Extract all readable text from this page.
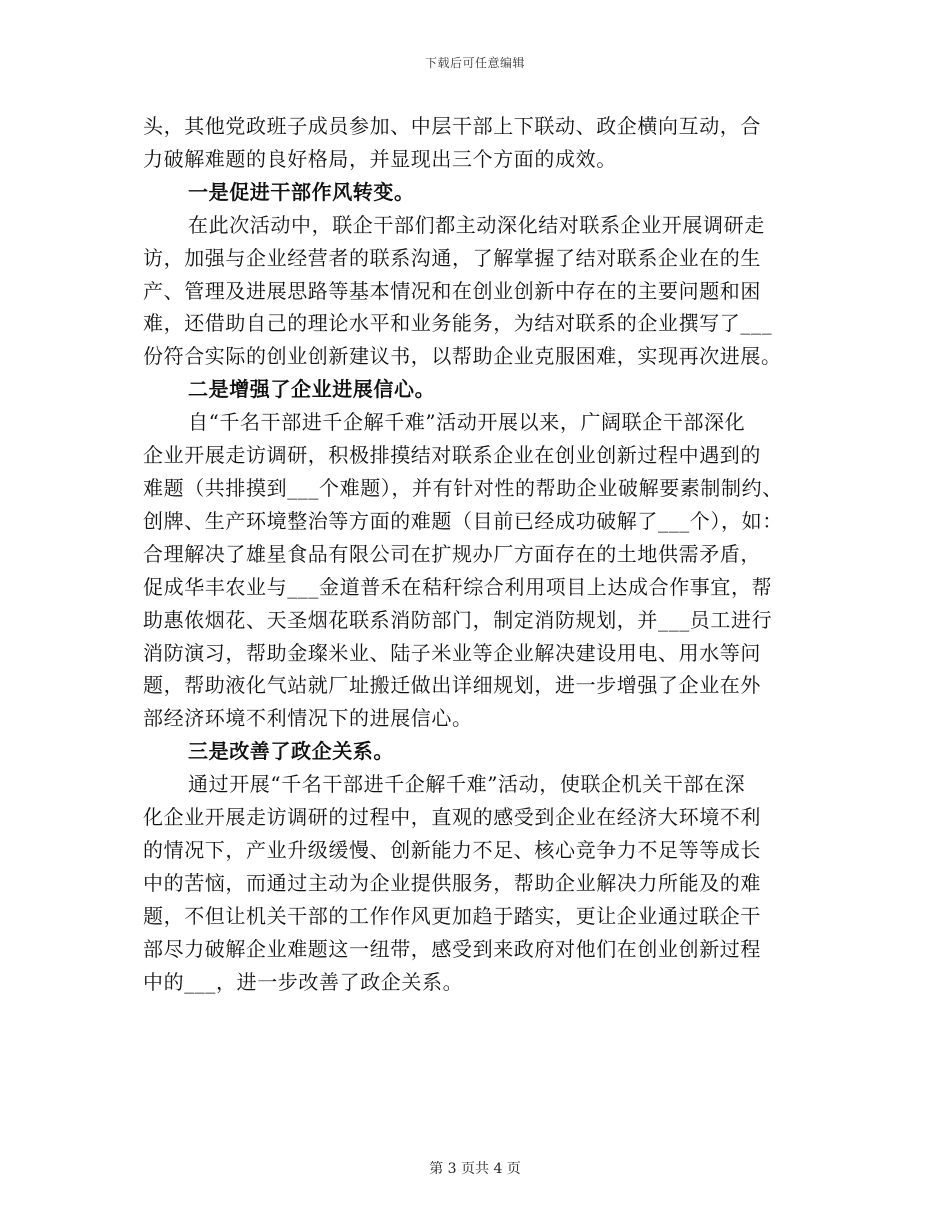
下载后可任意编辑
头，其他党政班子成员参加、中层干部上下联动、政企横向互动，合
力破解难题的良好格局，并显现出三个方面的成效。
一是促进干部作风转变。
在此次活动中，联企干部们都主动深化结对联系企业开展调研走
访，加强与企业经营者的联系沟通，了解掌握了结对联系企业在的生
产、管理及进展思路等基本情况和在创业创新中存在的主要问题和困
难，还借助自己的理论水平和业务能务，为结对联系的企业撰写了___
份符合实际的创业创新建议书，以帮助企业克服困难，实现再次进展。
二是增强了企业进展信心。
自“千名干部进千企解千难”活动开展以来，广阔联企干部深化
企业开展走访调研，积极排摸结对联系企业在创业创新过程中遇到的
难题（共排摸到___个难题），并有针对性的帮助企业破解要素制制约、
创牌、生产环境整治等方面的难题（目前已经成功破解了___个），如：
合理解决了雄星食品有限公司在扩规办厂方面存在的土地供需矛盾，
促成华丰农业与___金道普禾在秸秆综合利用项目上达成合作事宜，帮
助惠侬烟花、天圣烟花联系消防部门，制定消防规划，并___员工进行
消防演习，帮助金璨米业、陆子米业等企业解决建设用电、用水等问
题，帮助液化气站就厂址搬迁做出详细规划，进一步增强了企业在外
部经济环境不利情况下的进展信心。
三是改善了政企关系。
通过开展“千名干部进千企解千难”活动，使联企机关干部在深
化企业开展走访调研的过程中，直观的感受到企业在经济大环境不利
的情况下，产业升级缓慢、创新能力不足、核心竞争力不足等等成长
中的苦恼，而通过主动为企业提供服务，帮助企业解决力所能及的难
题，不但让机关干部的工作作风更加趋于踏实，更让企业通过联企干
部尽力破解企业难题这一纽带，感受到来政府对他们在创业创新过程
中的___，进一步改善了政企关系。
第 3 页共 4 页
